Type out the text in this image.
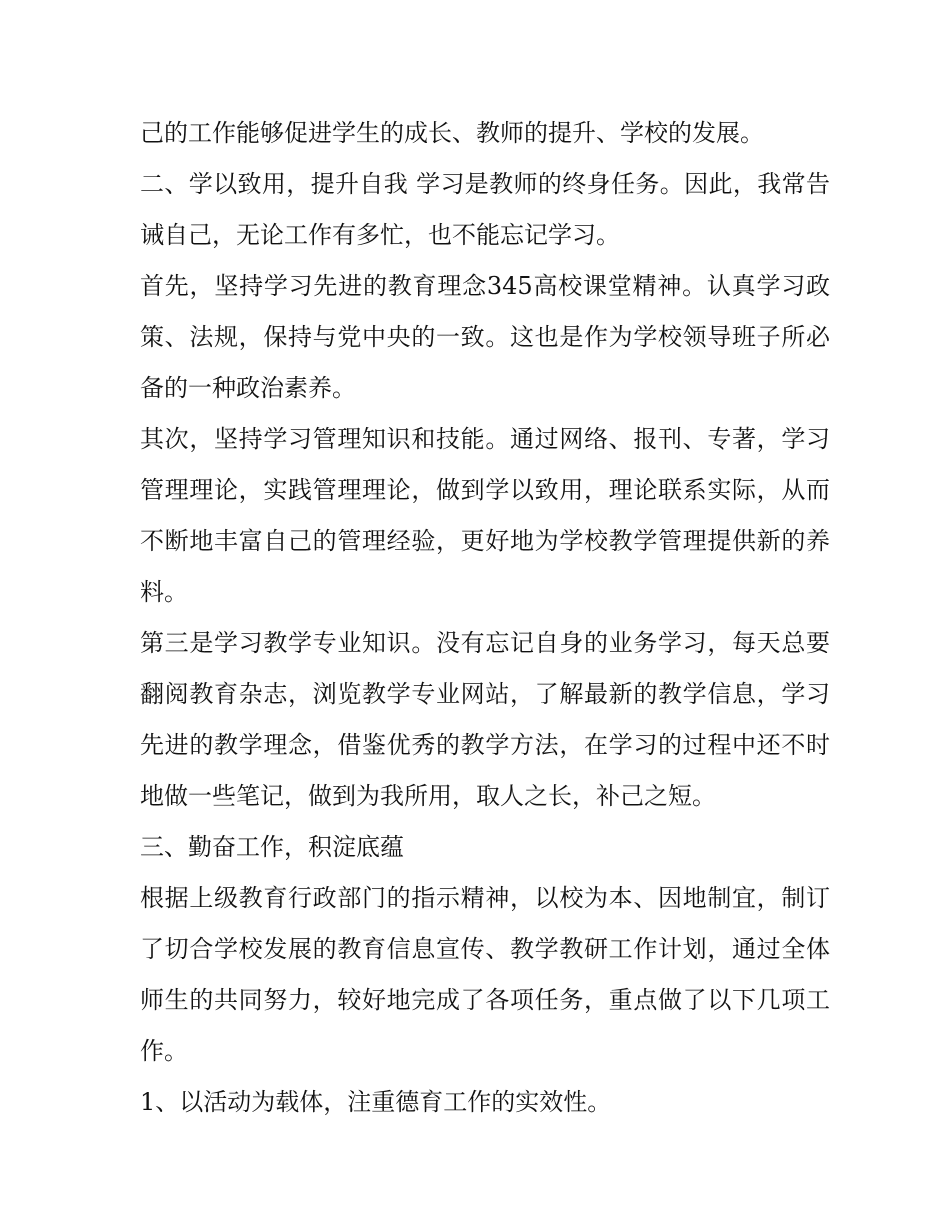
己的工作能够促进学生的成长、教师的提升、学校的发展。

二、学以致用，提升自我 学习是教师的终身任务。因此，我常告诫自己，无论工作有多忙，也不能忘记学习。

首先，坚持学习先进的教育理念345高校课堂精神。认真学习政策、法规，保持与党中央的一致。这也是作为学校领导班子所必备的一种政治素养。

其次，坚持学习管理知识和技能。通过网络、报刊、专著，学习管理理论，实践管理理论，做到学以致用，理论联系实际，从而不断地丰富自己的管理经验，更好地为学校教学管理提供新的养料。

第三是学习教学专业知识。没有忘记自身的业务学习，每天总要翻阅教育杂志，浏览教学专业网站，了解最新的教学信息，学习先进的教学理念，借鉴优秀的教学方法，在学习的过程中还不时地做一些笔记，做到为我所用，取人之长，补己之短。

三、勤奋工作，积淀底蕴

根据上级教育行政部门的指示精神，以校为本、因地制宜，制订了切合学校发展的教育信息宣传、教学教研工作计划，通过全体师生的共同努力，较好地完成了各项任务，重点做了以下几项工作。

1、以活动为载体，注重德育工作的实效性。
